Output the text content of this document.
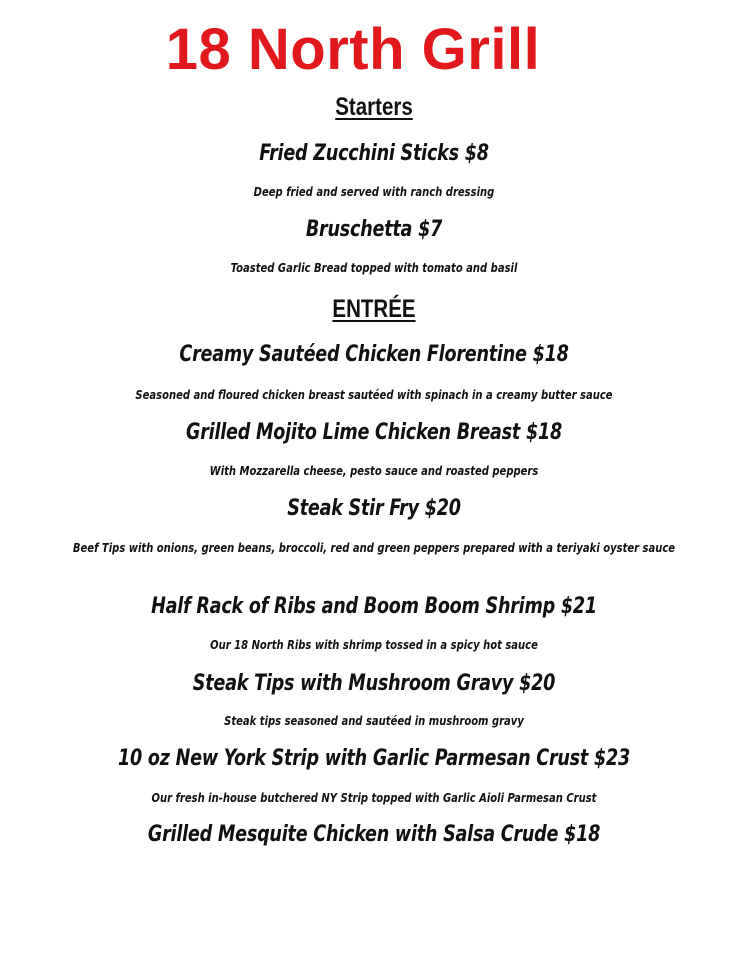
18 North Grill
Starters
Fried Zucchini Sticks $8
Deep fried and served with ranch dressing
Bruschetta $7
Toasted Garlic Bread topped with tomato and basil
ENTRÉE
Creamy Sautéed Chicken Florentine $18
Seasoned and floured chicken breast sautéed with spinach in a creamy butter sauce
Grilled Mojito Lime Chicken Breast $18
With Mozzarella cheese, pesto sauce and roasted peppers
Steak Stir Fry $20
Beef Tips with onions, green beans, broccoli, red and green peppers prepared with a teriyaki oyster sauce
Half Rack of Ribs and Boom Boom Shrimp $21
Our 18 North Ribs with shrimp tossed in a spicy hot sauce
Steak Tips with Mushroom Gravy $20
Steak tips seasoned and sautéed in mushroom gravy
10 oz New York Strip with Garlic Parmesan Crust $23
Our fresh in-house butchered NY Strip topped with Garlic Aioli Parmesan Crust
Grilled Mesquite Chicken with Salsa Crude $18
